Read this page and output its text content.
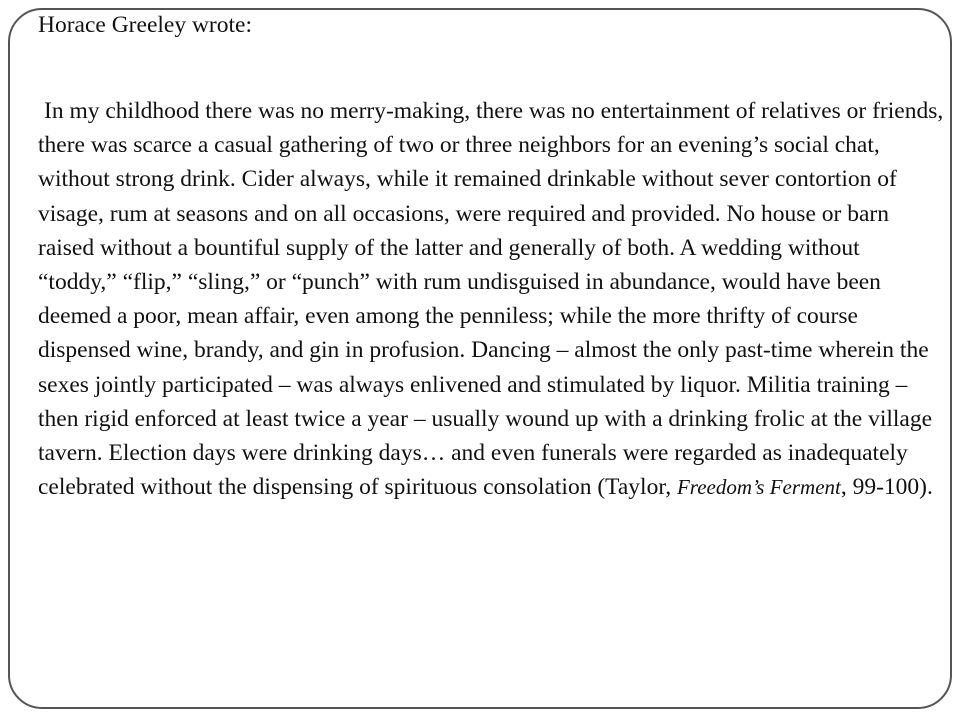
Horace Greeley wrote:

In my childhood there was no merry-making, there was no entertainment of relatives or friends, there was scarce a casual gathering of two or three neighbors for an evening’s social chat, without strong drink. Cider always, while it remained drinkable without sever contortion of visage, rum at seasons and on all occasions, were required and provided. No house or barn raised without a bountiful supply of the latter and generally of both. A wedding without “toddy,” “flip,” “sling,” or “punch” with rum undisguised in abundance, would have been deemed a poor, mean affair, even among the penniless; while the more thrifty of course dispensed wine, brandy, and gin in profusion. Dancing – almost the only past-time wherein the sexes jointly participated – was always enlivened and stimulated by liquor. Militia training – then rigid enforced at least twice a year – usually wound up with a drinking frolic at the village tavern. Election days were drinking days… and even funerals were regarded as inadequately celebrated without the dispensing of spirituous consolation (Taylor, Freedom’s Ferment, 99-100).
